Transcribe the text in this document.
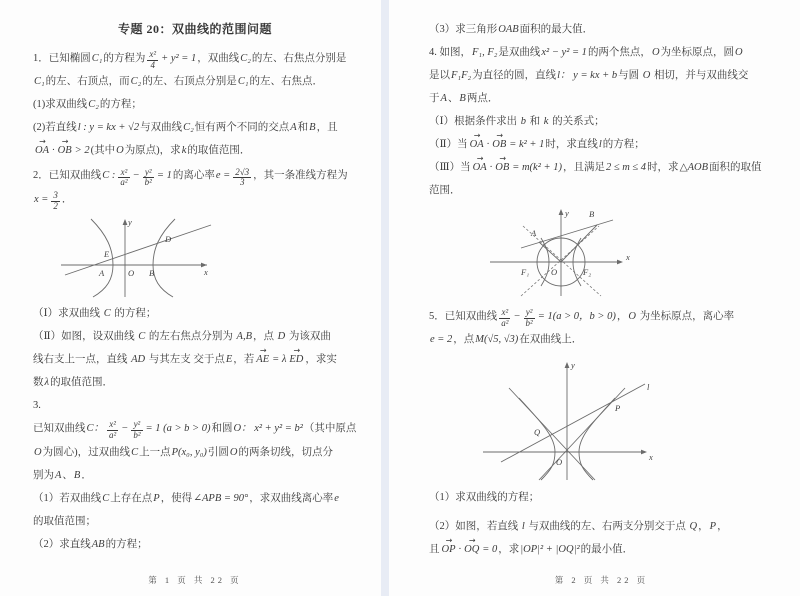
专题 20：双曲线的范围问题
1．已知椭圆C₁的方程为 $\frac{\text{x²}}{4} + y^2 = 1$，双曲线C₂的左、右焦点分别是
C₁的左、右顶点，而C₂的左、右顶点分别是C₁的左、右焦点．
(1)求双曲线C₂的方程；
(2)若直线l : y = kx + √2与双曲线C₂恒有两个不同的交点A和B，且
→ OA · → OB > 2(其中O为原点)，求k的取值范围．
2．已知双曲线C : $\frac{\text{x²}}{\text{a²}} - \frac{\text{y²}}{\text{b²}} = 1$的离心率$e = \frac{2√3}{3}$ ，其一条准线方程为
$x = \frac{3}{2}$ ．
y
x
E
D
A	O B
（Ⅰ）求双曲线 C 的方程；
（Ⅱ）如图，设双曲线 C 的左右焦点分别为 A,B，点 D 为该双曲
线右支上一点，直线 AD 与其左支 交于点E，若 → AE = λ → ED ，求实
数λ的取值范围．
3.
已知双曲线C： $\frac{\text{x²}}{\text{a²}} - \frac{\text{y²}}{\text{b²}} = 1$ (a > b > 0)和圆O： x² + y² = b²（其中原点
O为圆心)，过双曲线C上一点P(x₀, y₀)引圆O的两条切线，切点分
别为A、B．
（1）若双曲线C上存在点P，使得∠APB = 90°，求双曲线离心率e
的取值范围；
（2）求直线AB的方程；
第 1 页 共 22 页
（3）求三角形OAB面积的最大值．
4. 如图，F₁, F₂是双曲线x² − y² = 1的两个焦点，O为坐标原点，圆O
是以F₁F₂为直径的圆，直线l： y = kx + b与圆 O 相切，并与双曲线交
于A、B两点．
（Ⅰ）根据条件求出 b 和 k 的关系式；
（Ⅱ）当 → OA · → OB = k² + 1时，求直线l的方程；
（Ⅲ）当 → OA · → OB = m(k² + 1)，且满足2 ≤ m ≤ 4时，求△AOB面积的取值
范围．
y
x
A
B
F₁	O	F₂
5．已知双曲线 $\frac{\text{x²}}{\text{a²}} - \frac{\text{y²}}{\text{b²}} = 1(a > 0$，b > 0)，O 为坐标原点，离心率
e = 2，点M(√5, √3)在双曲线上．
y
x
l
Q
P
O
（1）求双曲线的方程；
（2）如图，若直线 l 与双曲线的左、右两支分别交于点 Q，P，
且 → OP · → OQ = 0，求|OP|² + |OQ|²的最小值．
第 2 页 共 22 页
